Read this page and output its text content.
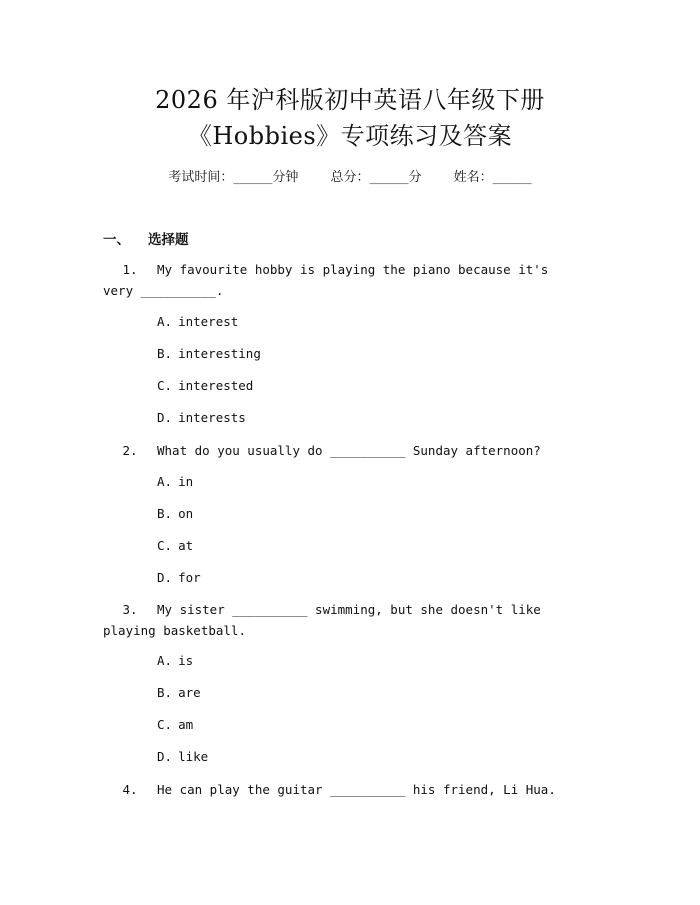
2026 年沪科版初中英语八年级下册
《Hobbies》专项练习及答案
考试时间：______分钟 总分：______分 姓名：______
一、 选择题
1. My favourite hobby is playing the piano because it's very __________.
A. interest
B. interesting
C. interested
D. interests
2. What do you usually do __________ Sunday afternoon?
A. in
B. on
C. at
D. for
3. My sister __________ swimming, but she doesn't like playing basketball.
A. is
B. are
C. am
D. like
4. He can play the guitar __________ his friend, Li Hua.
